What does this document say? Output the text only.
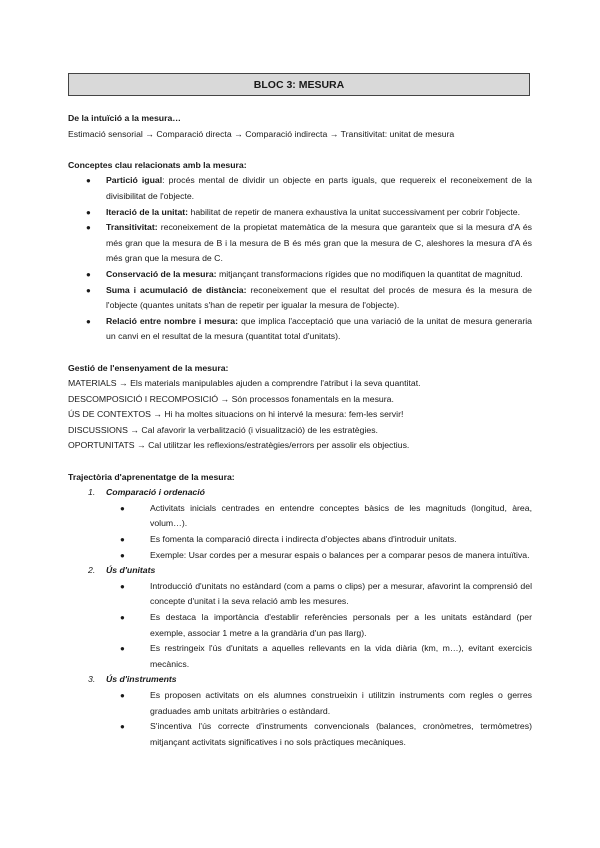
BLOC 3: MESURA
De la intuïció a la mesura…
Estimació sensorial → Comparació directa → Comparació indirecta → Transitivitat: unitat de mesura
Conceptes clau relacionats amb la mesura:
● Partició igual: procés mental de dividir un objecte en parts iguals, que requereix el reconeixement de la divisibilitat de l'objecte.
● Iteració de la unitat: habilitat de repetir de manera exhaustiva la unitat successivament per cobrir l'objecte.
● Transitivitat: reconeixement de la propietat matemàtica de la mesura que garanteix que si la mesura d'A és més gran que la mesura de B i la mesura de B és més gran que la mesura de C, aleshores la mesura d'A és més gran que la mesura de C.
● Conservació de la mesura: mitjançant transformacions rígides que no modifiquen la quantitat de magnitud.
● Suma i acumulació de distància: reconeixement que el resultat del procés de mesura és la mesura de l'objecte (quantes unitats s'han de repetir per igualar la mesura de l'objecte).
● Relació entre nombre i mesura: que implica l'acceptació que una variació de la unitat de mesura generaria un canvi en el resultat de la mesura (quantitat total d'unitats).
Gestió de l'ensenyament de la mesura:
MATERIALS → Els materials manipulables ajuden a comprendre l'atribut i la seva quantitat.
DESCOMPOSICIÓ I RECOMPOSICIÓ → Són processos fonamentals en la mesura.
ÚS DE CONTEXTOS → Hi ha moltes situacions on hi intervé la mesura: fem-les servir!
DISCUSSIONS → Cal afavorir la verbalització (i visualització) de les estratègies.
OPORTUNITATS → Cal utilitzar les reflexions/estratègies/errors per assolir els objectius.
Trajectòria d'aprenentatge de la mesura:
1. Comparació i ordenació
● Activitats inicials centrades en entendre conceptes bàsics de les magnituds (longitud, àrea, volum…).
● Es fomenta la comparació directa i indirecta d'objectes abans d'introduir unitats.
● Exemple: Usar cordes per a mesurar espais o balances per a comparar pesos de manera intuïtiva.
2. Ús d'unitats
● Introducció d'unitats no estàndard (com a pams o clips) per a mesurar, afavorint la comprensió del concepte d'unitat i la seva relació amb les mesures.
● Es destaca la importància d'establir referències personals per a les unitats estàndard (per exemple, associar 1 metre a la grandària d'un pas llarg).
● Es restringeix l'ús d'unitats a aquelles rellevants en la vida diària (km, m…), evitant exercicis mecànics.
3. Ús d'instruments
● Es proposen activitats on els alumnes construeixin i utilitzin instruments com regles o gerres graduades amb unitats arbitràries o estàndard.
● S'incentiva l'ús correcte d'instruments convencionals (balances, cronòmetres, termòmetres) mitjançant activitats significatives i no sols pràctiques mecàniques.
